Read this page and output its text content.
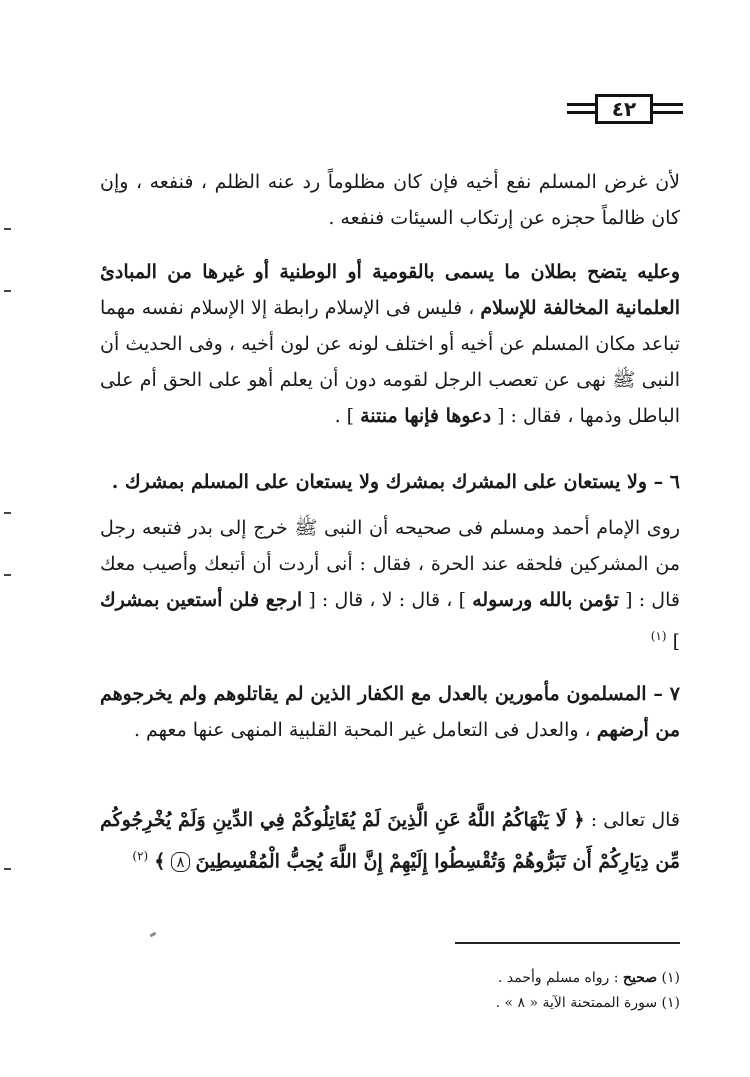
٤٢

لأن غرض المسلم نفع أخيه فإن كان مظلوماً رد عنه الظلم ، فنفعه ، وإن كان ظالماً حجزه عن إرتكاب السيئات فنفعه .

وعليه يتضح بطلان ما يسمى بالقومية أو الوطنية أو غيرها من المبادئ العلمانية المخالفة للإسلام ، فليس فى الإسلام رابطة إلا الإسلام نفسه مهما تباعد مكان المسلم عن أخيه أو اختلف لونه عن لون أخيه ، وفى الحديث أن النبى ﷺ نهى عن تعصب الرجل لقومه دون أن يعلم أهو على الحق أم على الباطل وذمها ، فقال : [ دعوها فإنها منتنة ] .

٦ – ولا يستعان على المشرك بمشرك ولا يستعان على المسلم بمشرك .

روى الإمام أحمد ومسلم فى صحيحه أن النبى ﷺ خرج إلى بدر فتبعه رجل من المشركين فلحقه عند الحرة ، فقال : أنى أردت أن أتبعك وأصيب معك قال : [ تؤمن بالله ورسوله ] ، قال : لا ، قال : [ ارجع فلن أستعين بمشرك ] $^{(١)}$

٧ – المسلمون مأمورين بالعدل مع الكفار الذين لم يقاتلوهم ولم يخرجوهم من أرضهم ، والعدل فى التعامل غير المحبة القلبية المنهى عنها معهم .

قال تعالى : ﴿ لَا يَنْهَاكُمُ اللَّهُ عَنِ الَّذِينَ لَمْ يُقَاتِلُوكُمْ فِي الدِّينِ وَلَمْ يُخْرِجُوكُم مِّن دِيَارِكُمْ أَن تَبَرُّوهُمْ وَتُقْسِطُوا إِلَيْهِمْ إِنَّ اللَّهَ يُحِبُّ الْمُقْسِطِينَ ٨ ﴾ $^{(٢)}$

(١) صحيح : رواه مسلم وأحمد .

(١) سورة الممتحنة الآية « ٨ » .
